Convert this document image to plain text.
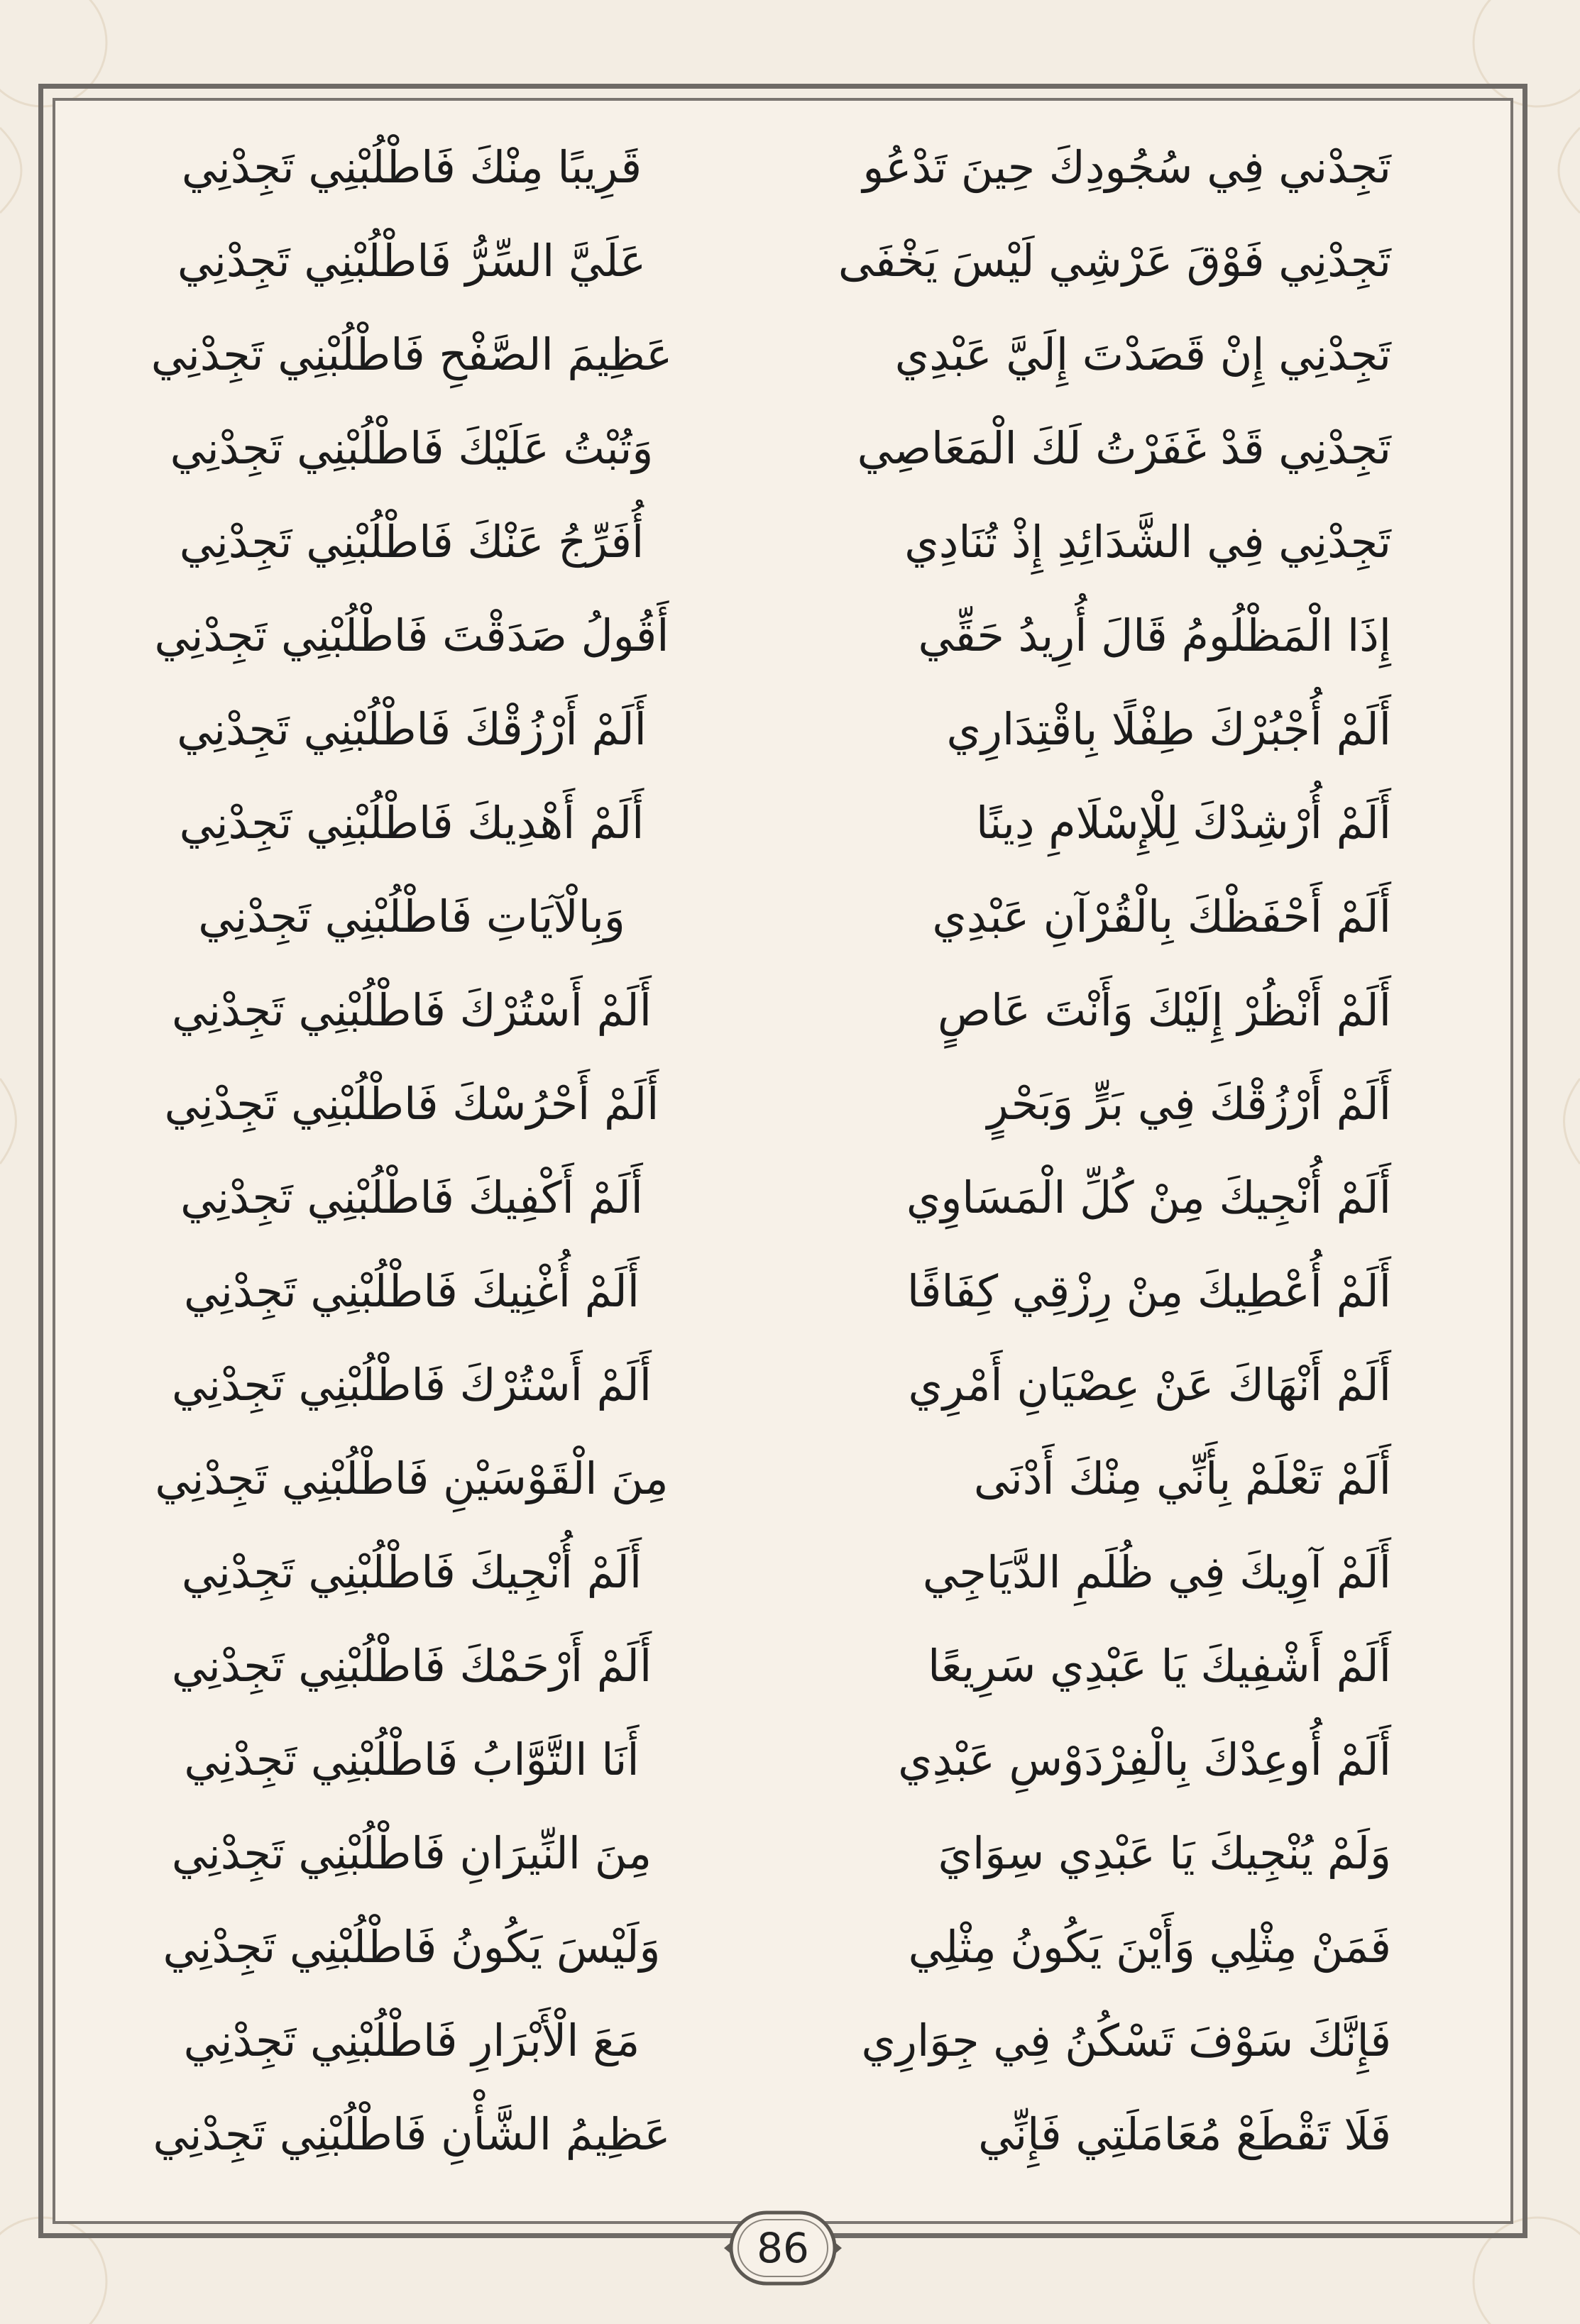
تَجِدْني فِي سُجُودِكَ حِينَ تَدْعُو
قَرِيبًا مِنْكَ فَاطْلُبْنِي تَجِدْنِي
تَجِدْنِي فَوْقَ عَرْشِي لَيْسَ يَخْفَى
عَلَيَّ السِّرُّ فَاطْلُبْنِي تَجِدْنِي
تَجِدْنِي إِنْ قَصَدْتَ إِلَيَّ عَبْدِي
عَظِيمَ الصَّفْحِ فَاطْلُبْنِي تَجِدْنِي
تَجِدْنِي قَدْ غَفَرْتُ لَكَ الْمَعَاصِي
وَتُبْتُ عَلَيْكَ فَاطْلُبْنِي تَجِدْنِي
تَجِدْنِي فِي الشَّدَائِدِ إِذْ تُنَادِي
أُفَرِّجُ عَنْكَ فَاطْلُبْنِي تَجِدْنِي
إِذَا الْمَظْلُومُ قَالَ أُرِيدُ حَقِّي
أَقُولُ صَدَقْتَ فَاطْلُبْنِي تَجِدْنِي
أَلَمْ أُجْبُرْكَ طِفْلًا بِاقْتِدَارِي
أَلَمْ أَرْزُقْكَ فَاطْلُبْنِي تَجِدْنِي
أَلَمْ أُرْشِدْكَ لِلْإِسْلَامِ دِينًا
أَلَمْ أَهْدِيكَ فَاطْلُبْنِي تَجِدْنِي
أَلَمْ أَحْفَظْكَ بِالْقُرْآنِ عَبْدِي
وَبِالْآيَاتِ فَاطْلُبْنِي تَجِدْنِي
أَلَمْ أَنْظُرْ إِلَيْكَ وَأَنْتَ عَاصٍ
أَلَمْ أَسْتُرْكَ فَاطْلُبْنِي تَجِدْنِي
أَلَمْ أَرْزُقْكَ فِي بَرٍّ وَبَحْرٍ
أَلَمْ أَحْرُسْكَ فَاطْلُبْنِي تَجِدْنِي
أَلَمْ أُنْجِيكَ مِنْ كُلِّ الْمَسَاوِي
أَلَمْ أَكْفِيكَ فَاطْلُبْنِي تَجِدْنِي
أَلَمْ أُعْطِيكَ مِنْ رِزْقِي كِفَافًا
أَلَمْ أُغْنِيكَ فَاطْلُبْنِي تَجِدْنِي
أَلَمْ أَنْهَاكَ عَنْ عِصْيَانِ أَمْرِي
أَلَمْ أَسْتُرْكَ فَاطْلُبْنِي تَجِدْنِي
أَلَمْ تَعْلَمْ بِأَنِّي مِنْكَ أَدْنَى
مِنَ الْقَوْسَيْنِ فَاطْلُبْنِي تَجِدْنِي
أَلَمْ آوِيكَ فِي ظُلَمِ الدَّيَاجِي
أَلَمْ أُنْجِيكَ فَاطْلُبْنِي تَجِدْنِي
أَلَمْ أَشْفِيكَ يَا عَبْدِي سَرِيعًا
أَلَمْ أَرْحَمْكَ فَاطْلُبْنِي تَجِدْنِي
أَلَمْ أُوعِدْكَ بِالْفِرْدَوْسِ عَبْدِي
أَنَا التَّوَّابُ فَاطْلُبْنِي تَجِدْنِي
وَلَمْ يُنْجِيكَ يَا عَبْدِي سِوَايَ
مِنَ النِّيرَانِ فَاطْلُبْنِي تَجِدْنِي
فَمَنْ مِثْلِي وَأَيْنَ يَكُونُ مِثْلِي
وَلَيْسَ يَكُونُ فَاطْلُبْنِي تَجِدْنِي
فَإِنَّكَ سَوْفَ تَسْكُنُ فِي جِوَارِي
مَعَ الْأَبْرَارِ فَاطْلُبْنِي تَجِدْنِي
فَلَا تَقْطَعْ مُعَامَلَتِي فَإِنِّي
عَظِيمُ الشَّأْنِ فَاطْلُبْنِي تَجِدْنِي
86
